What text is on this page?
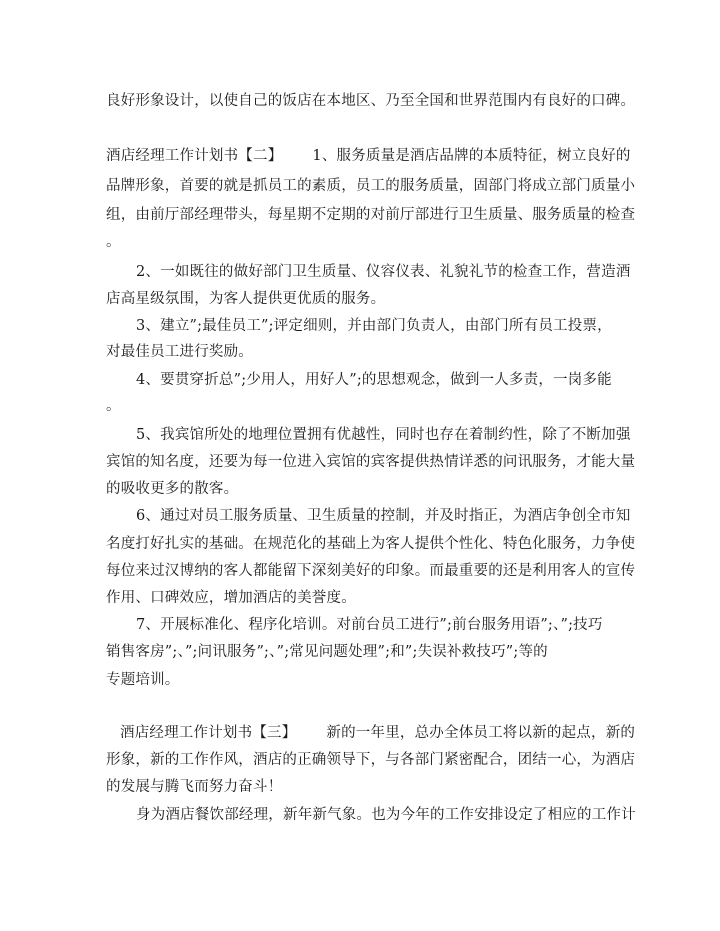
良好形象设计，以使自己的饭店在本地区、乃至全国和世界范围内有良好的口碑。
酒店经理工作计划书【二】 1、服务质量是酒店品牌的本质特征，树立良好的
品牌形象，首要的就是抓员工的素质，员工的服务质量，固部门将成立部门质量小
组，由前厅部经理带头，每星期不定期的对前厅部进行卫生质量、服务质量的检查
。
2、一如既往的做好部门卫生质量、仪容仪表、礼貌礼节的检查工作，营造酒
店高星级氛围，为客人提供更优质的服务。
3、建立”;最佳员工”;评定细则，并由部门负责人，由部门所有员工投票，
对最佳员工进行奖励。
4、要贯穿折总”;少用人，用好人”;的思想观念，做到一人多责，一岗多能
。
5、我宾馆所处的地理位置拥有优越性，同时也存在着制约性，除了不断加强
宾馆的知名度，还要为每一位进入宾馆的宾客提供热情详悉的问讯服务，才能大量
的吸收更多的散客。
6、通过对员工服务质量、卫生质量的控制，并及时指正，为酒店争创全市知
名度打好扎实的基础。在规范化的基础上为客人提供个性化、特色化服务，力争使
每位来过汉博纳的客人都能留下深刻美好的印象。而最重要的还是利用客人的宣传
作用、口碑效应，增加酒店的美誉度。
7、开展标准化、程序化培训。对前台员工进行”;前台服务用语”;、”;技巧
销售客房”;、”;问讯服务”;、”;常见问题处理”;和”;失误补救技巧”;等的
专题培训。
酒店经理工作计划书【三】 新的一年里，总办全体员工将以新的起点，新的
形象，新的工作作风，酒店的正确领导下，与各部门紧密配合，团结一心，为酒店
的发展与腾飞而努力奋斗！
身为酒店餐饮部经理，新年新气象。也为今年的工作安排设定了相应的工作计
